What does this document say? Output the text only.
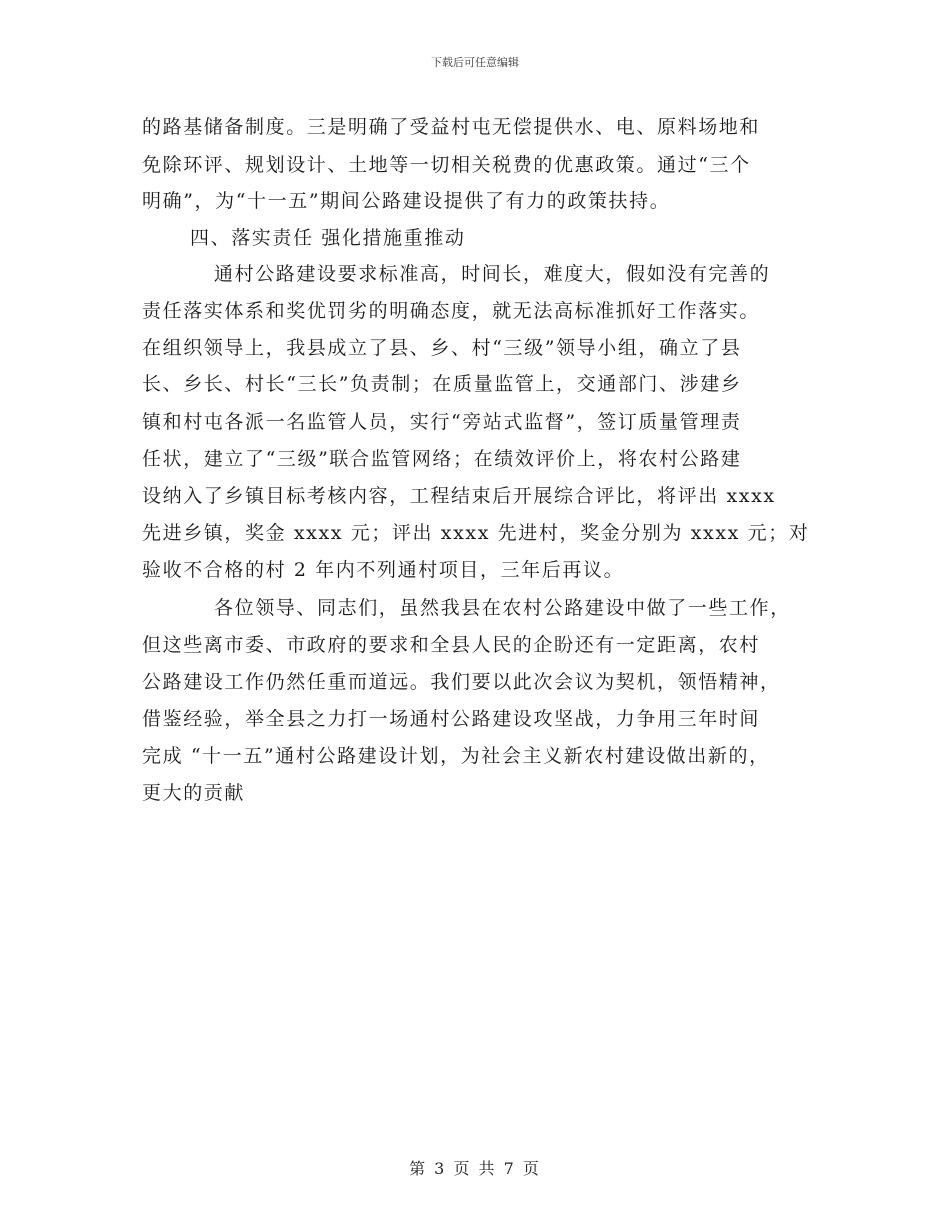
下载后可任意编辑
的路基储备制度。三是明确了受益村屯无偿提供水、电、原料场地和
免除环评、规划设计、土地等一切相关税费的优惠政策。通过“三个
明确”，为“十一五”期间公路建设提供了有力的政策扶持。
四、落实责任 强化措施重推动
通村公路建设要求标准高，时间长，难度大，假如没有完善的
责任落实体系和奖优罚劣的明确态度，就无法高标准抓好工作落实。
在组织领导上，我县成立了县、乡、村“三级”领导小组，确立了县
长、乡长、村长“三长”负责制；在质量监管上，交通部门、涉建乡
镇和村屯各派一名监管人员，实行“旁站式监督”，签订质量管理责
任状，建立了“三级”联合监管网络；在绩效评价上，将农村公路建
设纳入了乡镇目标考核内容，工程结束后开展综合评比，将评出 xxxx
先进乡镇，奖金 xxxx 元；评出 xxxx 先进村，奖金分别为 xxxx 元；对
验收不合格的村 2 年内不列通村项目，三年后再议。
各位领导、同志们，虽然我县在农村公路建设中做了一些工作，
但这些离市委、市政府的要求和全县人民的企盼还有一定距离，农村
公路建设工作仍然任重而道远。我们要以此次会议为契机，领悟精神，
借鉴经验，举全县之力打一场通村公路建设攻坚战，力争用三年时间
完成 “十一五”通村公路建设计划，为社会主义新农村建设做出新的，
更大的贡献
第 3 页 共 7 页
